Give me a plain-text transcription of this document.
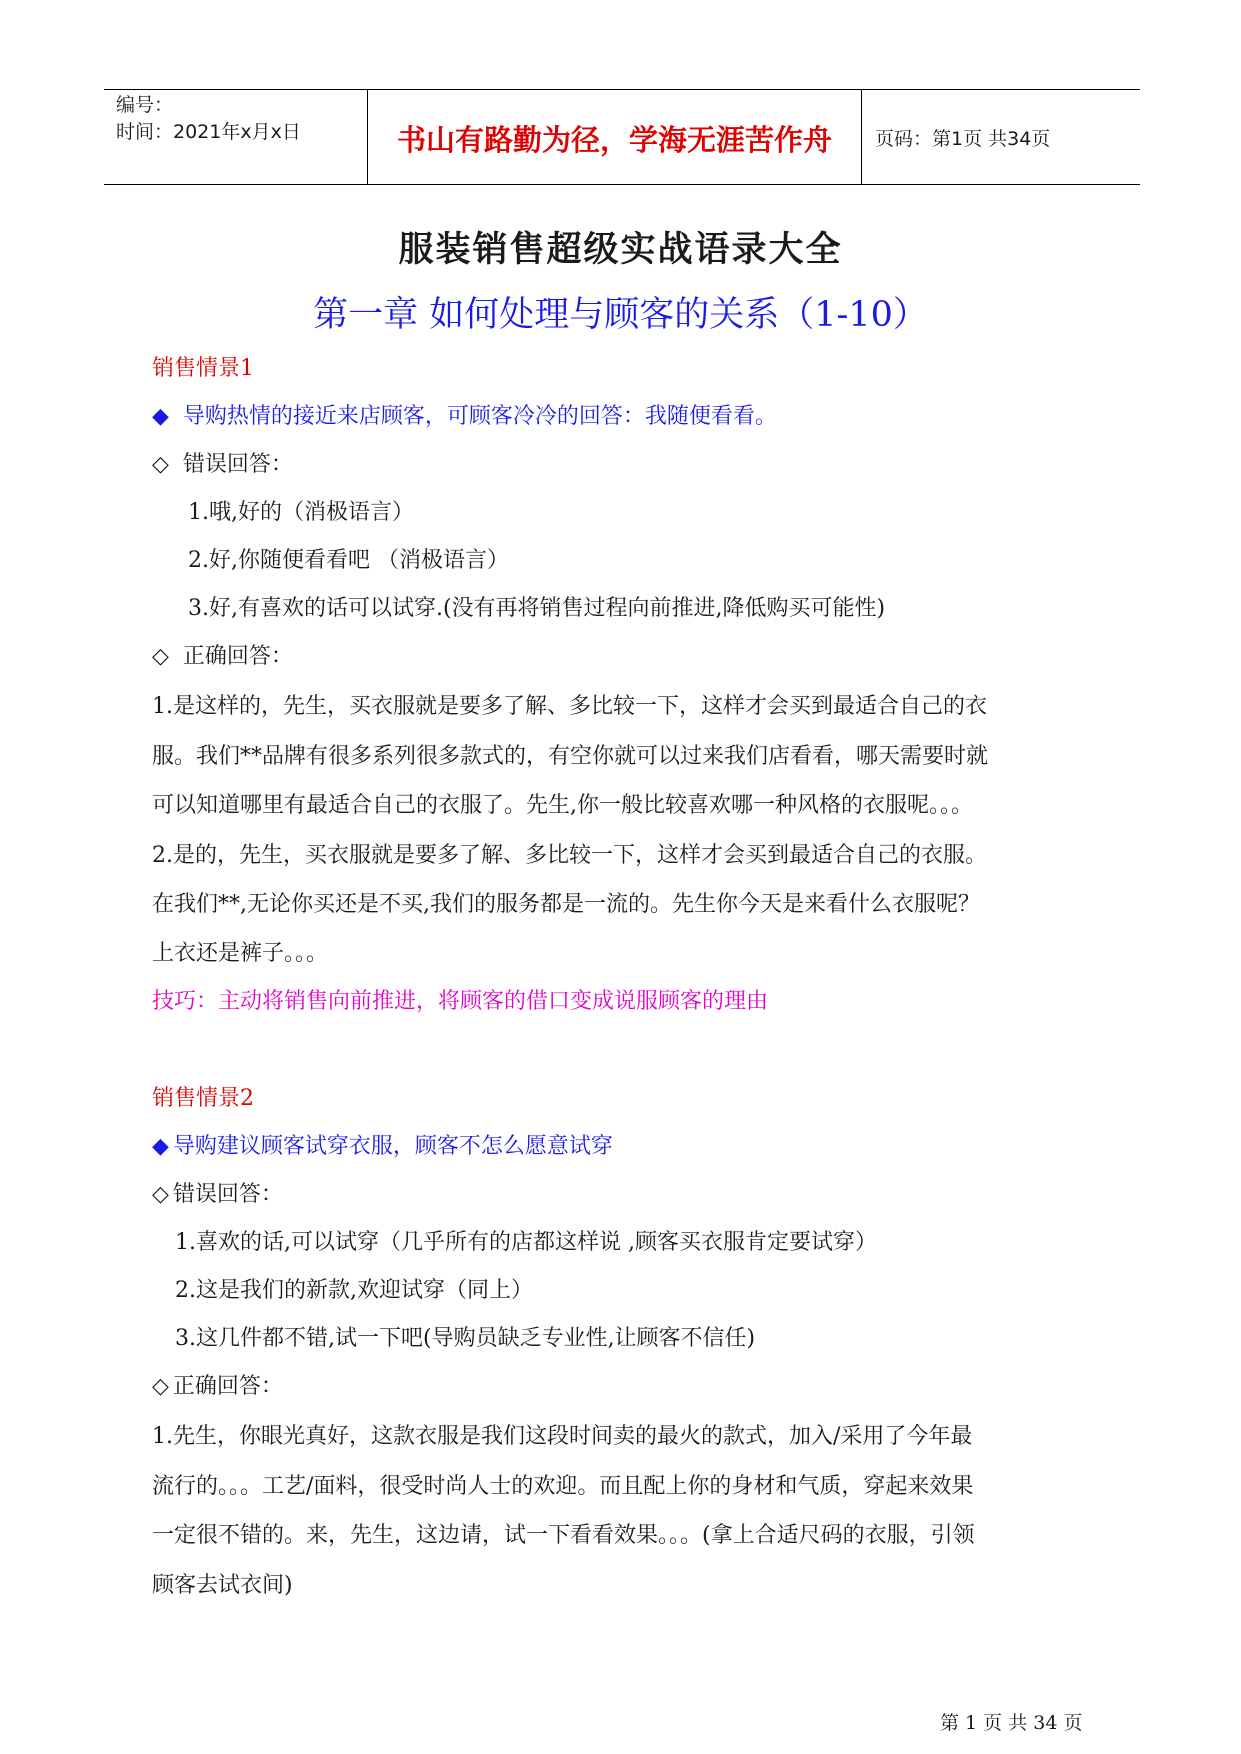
编号：
时间：2021年x月x日	书山有路勤为径，学海无涯苦作舟	页码：第1页 共34页
服装销售超级实战语录大全
第一章 如何处理与顾客的关系（1-10）
销售情景1
◆ 导购热情的接近来店顾客，可顾客冷冷的回答：我随便看看。
◇ 错误回答：
1.哦,好的（消极语言）
2.好,你随便看看吧 （消极语言）
3.好,有喜欢的话可以试穿.(没有再将销售过程向前推进,降低购买可能性)
◇ 正确回答：
1.是这样的，先生，买衣服就是要多了解、多比较一下，这样才会买到最适合自己的衣
服。我们**品牌有很多系列很多款式的，有空你就可以过来我们店看看，哪天需要时就
可以知道哪里有最适合自己的衣服了。先生,你一般比较喜欢哪一种风格的衣服呢。。。
2.是的，先生，买衣服就是要多了解、多比较一下，这样才会买到最适合自己的衣服。
在我们**,无论你买还是不买,我们的服务都是一流的。先生你今天是来看什么衣服呢？
上衣还是裤子。。。
技巧：主动将销售向前推进，将顾客的借口变成说服顾客的理由
销售情景2
◆ 导购建议顾客试穿衣服，顾客不怎么愿意试穿
◇ 错误回答：
1.喜欢的话,可以试穿（几乎所有的店都这样说 ,顾客买衣服肯定要试穿）
2.这是我们的新款,欢迎试穿（同上）
3.这几件都不错,试一下吧(导购员缺乏专业性,让顾客不信任)
◇ 正确回答：
1.先生，你眼光真好，这款衣服是我们这段时间卖的最火的款式，加入/采用了今年最
流行的。。。工艺/面料，很受时尚人士的欢迎。而且配上你的身材和气质，穿起来效果
一定很不错的。来，先生，这边请，试一下看看效果。。。(拿上合适尺码的衣服，引领
顾客去试衣间)
第 1 页 共 34 页
